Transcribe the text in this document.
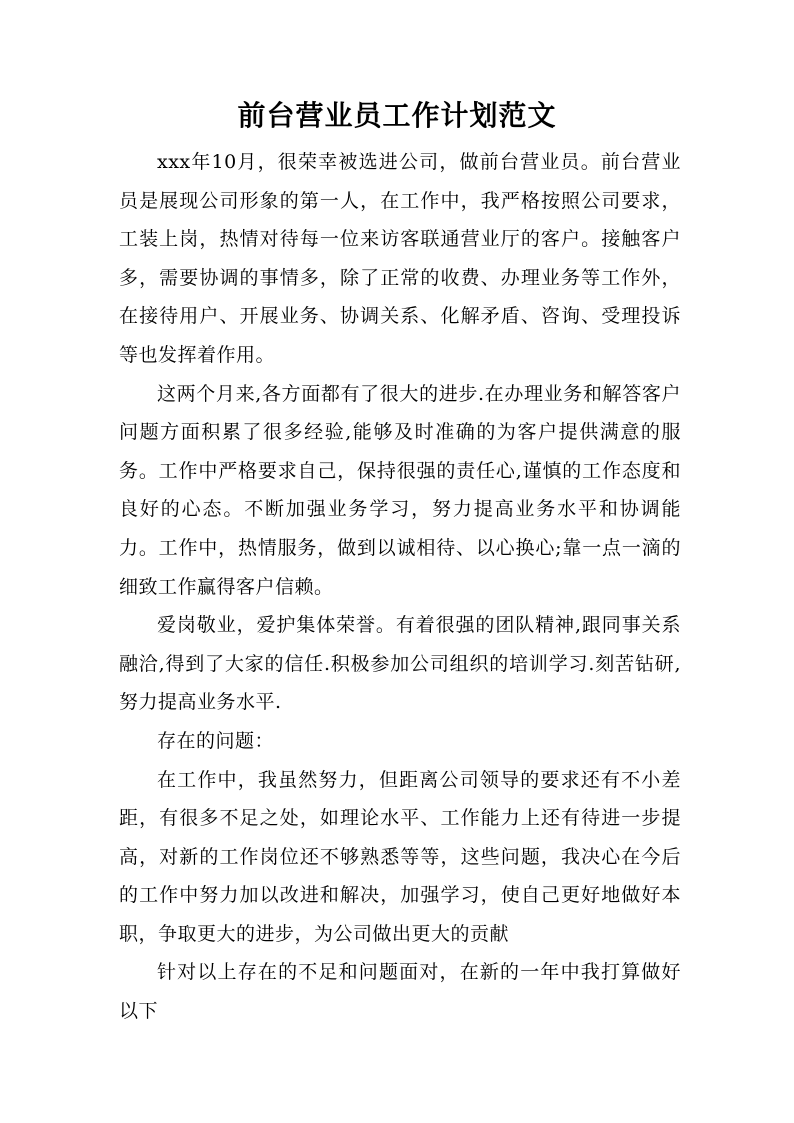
前台营业员工作计划范文

xxx年10月，很荣幸被选进公司，做前台营业员。前台营业员是展现公司形象的第一人，在工作中，我严格按照公司要求，工装上岗，热情对待每一位来访客联通营业厅的客户。接触客户多，需要协调的事情多，除了正常的收费、办理业务等工作外，在接待用户、开展业务、协调关系、化解矛盾、咨询、受理投诉等也发挥着作用。

这两个月来,各方面都有了很大的进步.在办理业务和解答客户问题方面积累了很多经验,能够及时准确的为客户提供满意的服务。工作中严格要求自己，保持很强的责任心,谨慎的工作态度和良好的心态。不断加强业务学习，努力提高业务水平和协调能力。工作中，热情服务，做到以诚相待、以心换心;靠一点一滴的细致工作赢得客户信赖。

爱岗敬业，爱护集体荣誉。有着很强的团队精神,跟同事关系融洽,得到了大家的信任.积极参加公司组织的培训学习.刻苦钻研,努力提高业务水平.

存在的问题：

在工作中，我虽然努力，但距离公司领导的要求还有不小差距，有很多不足之处，如理论水平、工作能力上还有待进一步提高，对新的工作岗位还不够熟悉等等，这些问题，我决心在今后的工作中努力加以改进和解决，加强学习，使自己更好地做好本职，争取更大的进步，为公司做出更大的贡献

针对以上存在的不足和问题面对，在新的一年中我打算做好以下
